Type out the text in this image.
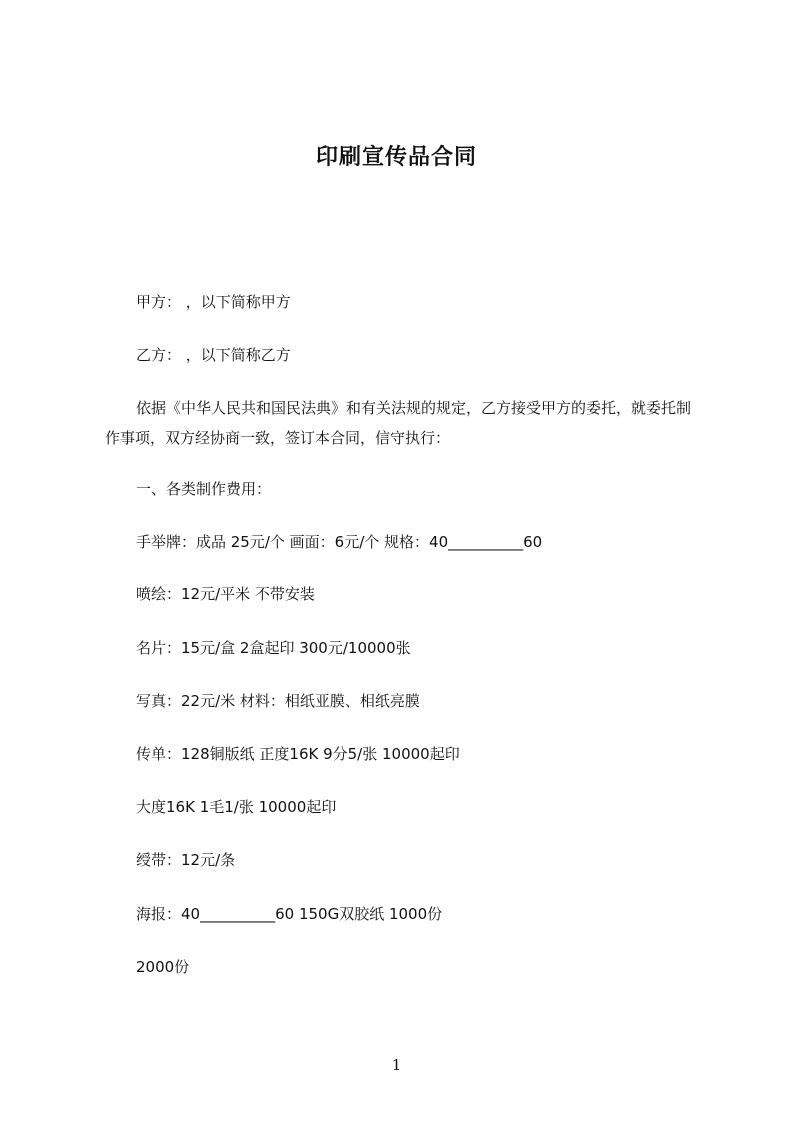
印刷宣传品合同
甲方： ，以下简称甲方
乙方： ，以下简称乙方
依据《中华人民共和国民法典》和有关法规的规定，乙方接受甲方的委托，就委托制作事项，双方经协商一致，签订本合同，信守执行：
一、各类制作费用：
手举牌：成品 25元/个 画面：6元/个 规格：40__________60
喷绘：12元/平米 不带安装
名片：15元/盒 2盒起印 300元/10000张
写真：22元/米 材料：相纸亚膜、相纸亮膜
传单：128铜版纸 正度16K 9分5/张 10000起印
大度16K 1毛1/张 10000起印
绶带：12元/条
海报：40__________60 150G双胶纸 1000份
2000份
1
